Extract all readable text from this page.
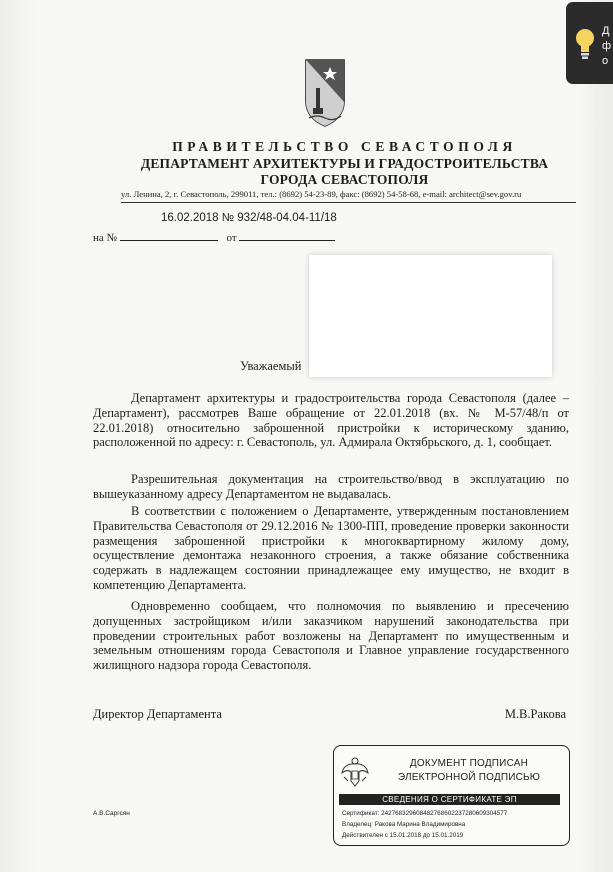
ПРАВИТЕЛЬСТВО СЕВАСТОПОЛЯ
ДЕПАРТАМЕНТ АРХИТЕКТУРЫ И ГРАДОСТРОИТЕЛЬСТВА
ГОРОДА СЕВАСТОПОЛЯ
ул. Ленина, 2, г. Севастополь, 299011, тел.: (8692) 54-23-89, факс: (8692) 54-58-68, e-mail: architect@sev.gov.ru
16.02.2018 № 932/48-04.04-11/18
на №	от
Уважаемый
Департамент архитектуры и градостроительства города Севастополя (далее – Департамент), рассмотрев Ваше обращение от 22.01.2018 (вх. № М-57/48/п от 22.01.2018) относительно заброшенной пристройки к историческому зданию, расположенной по адресу: г. Севастополь, ул. Адмирала Октябрьского, д. 1, сообщает.
Разрешительная документация на строительство/ввод в эксплуатацию по вышеуказанному адресу Департаментом не выдавалась.
В соответствии с положением о Департаменте, утвержденным постановлением Правительства Севастополя от 29.12.2016 № 1300-ПП, проведение проверки законности размещения заброшенной пристройки к многоквартирному жилому дому, осуществление демонтажа незаконного строения, а также обязание собственника содержать в надлежащем состоянии принадлежащее ему имущество, не входит в компетенцию Департамента.
Одновременно сообщаем, что полномочия по выявлению и пресечению допущенных застройщиком и/или заказчиком нарушений законодательства при проведении строительных работ возложены на Департамент по имущественным и земельным отношениям города Севастополя и Главное управление государственного жилищного надзора города Севастополя.
Директор Департамента	М.В.Ракова
А.В.Саргсян
ДОКУМЕНТ ПОДПИСАН
ЭЛЕКТРОННОЙ ПОДПИСЬЮ
СВЕДЕНИЯ О СЕРТИФИКАТЕ ЭП
Сертификат: 2427683296084827686022372806093045​77
Владелец: Ракова Марина Владимировна
Действителен с 15.01.2018 до 15.01.2019
Д
ф
о
